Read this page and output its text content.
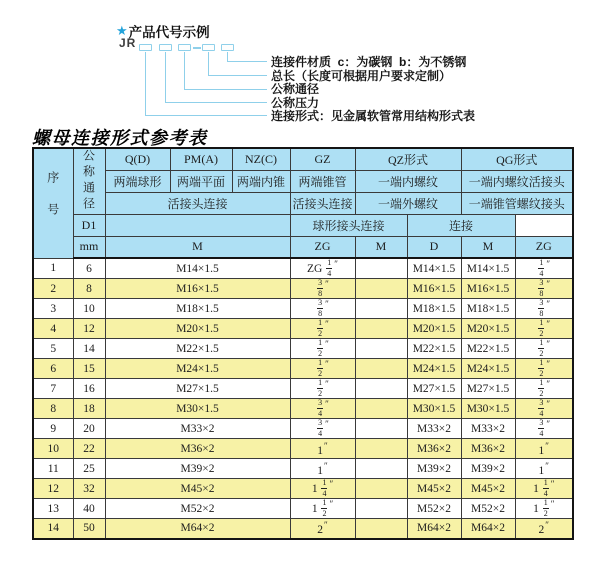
★ 产品代号示例
JR
连接件材质  c：为碳钢  b：为不锈钢
总长（长度可根据用户要求定制）
公称通径
公称压力
连接形式：见金属软管常用结构形式表
螺母连接形式参考表
序号	公称通径	Q(D)	PM(A)	NZ(C)	GZ	QZ形式		QG形式	
		两端球形	两端平面	两端内锥	两端锥管	一端内螺纹		一端内螺纹活接头	
		活接头连接			活接头连接	一端外螺纹		一端锥管螺纹接头	
	D1				球形接头连接		连接		
	mm	M			ZG	M	D	M	ZG
1	6	M14×1.5			ZG $\frac{1}{4} ''$		M14×1.5	M14×1.5	$\frac{1}{4} ''$
2	8	M16×1.5			$\frac{3}{8} ''$		M16×1.5	M16×1.5	$\frac{3}{8} ''$
3	10	M18×1.5			$\frac{3}{8} ''$		M18×1.5	M18×1.5	$\frac{3}{8} ''$
4	12	M20×1.5			$\frac{1}{2} ''$		M20×1.5	M20×1.5	$\frac{1}{2} ''$
5	14	M22×1.5			$\frac{1}{2} ''$		M22×1.5	M22×1.5	$\frac{1}{2} ''$
6	15	M24×1.5			$\frac{1}{2} ''$		M24×1.5	M24×1.5	$\frac{1}{2} ''$
7	16	M27×1.5			$\frac{1}{2} ''$		M27×1.5	M27×1.5	$\frac{1}{2} ''$
8	18	M30×1.5			$\frac{3}{4} ''$		M30×1.5	M30×1.5	$\frac{3}{4} ''$
9	20	M33×2			$\frac{3}{4} ''$		M33×2	M33×2	$\frac{3}{4} ''$
10	22	M36×2			1″		M36×2	M36×2	1″
11	25	M39×2			1″		M39×2	M39×2	1″
12	32	M45×2			$1 \frac{1}{4} ''$		M45×2	M45×2	$1 \frac{1}{4} ''$
13	40	M52×2			$1 \frac{1}{2} ''$		M52×2	M52×2	$1 \frac{1}{2} ''$
14	50	M64×2			2″		M64×2	M64×2	2″
